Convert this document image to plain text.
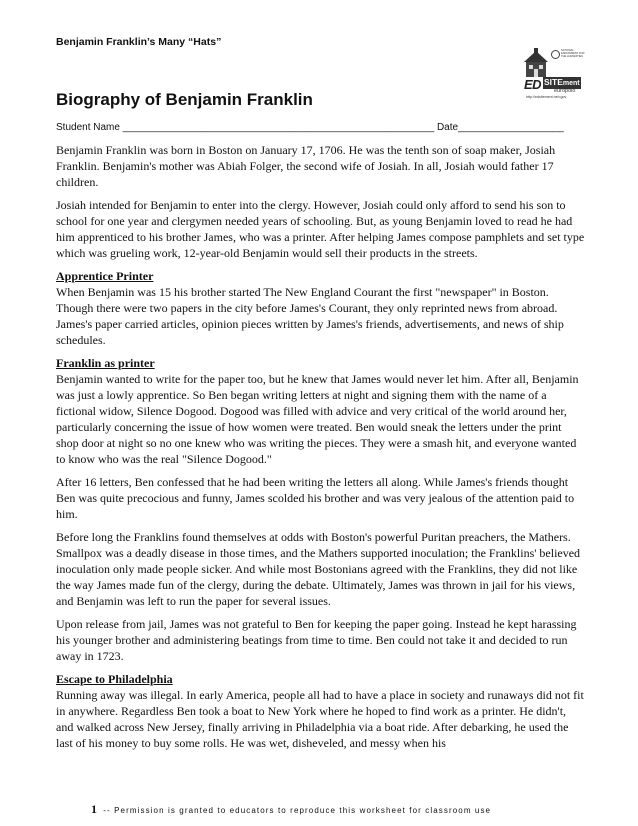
Benjamin Franklin’s Many “Hats”
NATIONAL ENDOWMENT FOR THE HUMANITIES
ED SITEment
europolo
http://edsitement.neh.gov
Biography of Benjamin Franklin
Student Name ________________________________________________________ Date___________________

Benjamin Franklin was born in Boston on January 17, 1706. He was the tenth son of soap maker, Josiah Franklin. Benjamin's mother was Abiah Folger, the second wife of Josiah. In all, Josiah would father 17 children.

Josiah intended for Benjamin to enter into the clergy. However, Josiah could only afford to send his son to school for one year and clergymen needed years of schooling. But, as young Benjamin loved to read he had him apprenticed to his brother James, who was a printer. After helping James compose pamphlets and set type which was grueling work, 12-year-old Benjamin would sell their products in the streets.

Apprentice Printer

When Benjamin was 15 his brother started The New England Courant the first "newspaper" in Boston. Though there were two papers in the city before James's Courant, they only reprinted news from abroad. James's paper carried articles, opinion pieces written by James's friends, advertisements, and news of ship schedules.

Franklin as printer

Benjamin wanted to write for the paper too, but he knew that James would never let him. After all, Benjamin was just a lowly apprentice. So Ben began writing letters at night and signing them with the name of a fictional widow, Silence Dogood. Dogood was filled with advice and very critical of the world around her, particularly concerning the issue of how women were treated. Ben would sneak the letters under the print shop door at night so no one knew who was writing the pieces. They were a smash hit, and everyone wanted to know who was the real "Silence Dogood."

After 16 letters, Ben confessed that he had been writing the letters all along. While James's friends thought Ben was quite precocious and funny, James scolded his brother and was very jealous of the attention paid to him.

Before long the Franklins found themselves at odds with Boston's powerful Puritan preachers, the Mathers. Smallpox was a deadly disease in those times, and the Mathers supported inoculation; the Franklins' believed inoculation only made people sicker. And while most Bostonians agreed with the Franklins, they did not like the way James made fun of the clergy, during the debate. Ultimately, James was thrown in jail for his views, and Benjamin was left to run the paper for several issues.

Upon release from jail, James was not grateful to Ben for keeping the paper going. Instead he kept harassing his younger brother and administering beatings from time to time. Ben could not take it and decided to run away in 1723.

Escape to Philadelphia

Running away was illegal. In early America, people all had to have a place in society and runaways did not fit in anywhere. Regardless Ben took a boat to New York where he hoped to find work as a printer. He didn't, and walked across New Jersey, finally arriving in Philadelphia via a boat ride. After debarking, he used the last of his money to buy some rolls. He was wet, disheveled, and messy when his

1 -- Permission is granted to educators to reproduce this worksheet for classroom use
